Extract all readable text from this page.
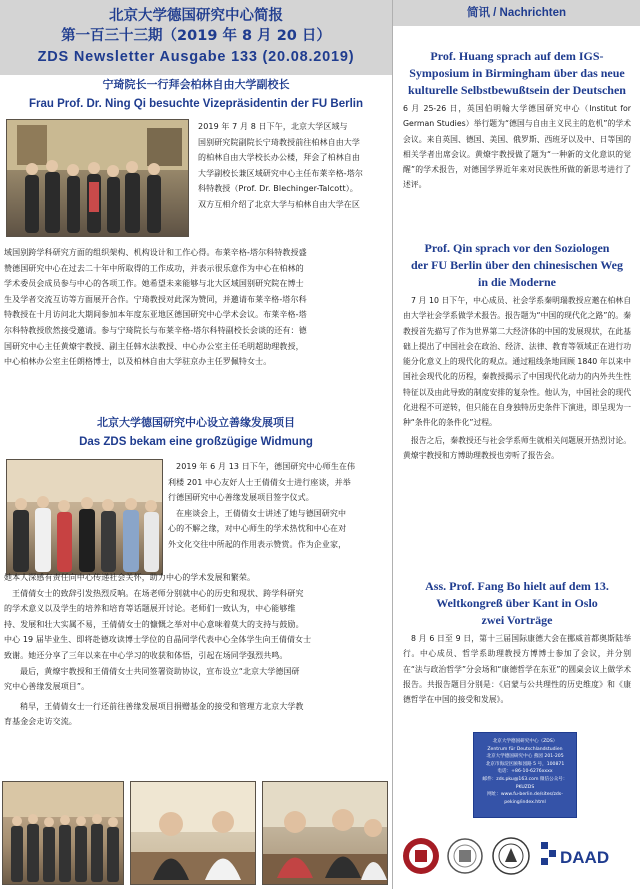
北京大学德国研究中心简报
第一百三十三期（2019 年 8 月 20 日）
ZDS Newsletter Ausgabe 133 (20.08.2019)
宁琦院长一行拜会柏林自由大学副校长
Frau Prof. Dr. Ning Qi besuchte Vizepräsidentin der FU Berlin
2019 年 7 月 8 日下午，北京大学区域与
国别研究院副院长宁琦教授前往柏林自由大学
的柏林自由大学校长办公楼，拜会了柏林自由
大学副校长兼区域研究中心主任布莱辛格-塔尔
科特教授（Prof. Dr. Blechinger-Talcott）。
双方互相介绍了北京大学与柏林自由大学在区
域国别跨学科研究方面的组织架构、机构设计和工作心得。布莱辛格-塔尔科特教授盛
赞德国研究中心在过去二十年中所取得的工作成功，并表示很乐意作为中心在柏林的
学术委员会成员参与中心的各项工作。她希望未来能够与北大区域国别研究院在博士
生及学者交流互访等方面展开合作。宁琦教授对此深为赞同，并邀请布莱辛格-塔尔科
特教授在十月访问北大期间参加本年度东亚地区德国研究中心学术会议。布莱辛格-塔
尔科特教授欣然接受邀请。参与宁琦院长与布莱辛格-塔尔科特副校长会谈的还有：德
国研究中心主任黄燎宇教授、副主任韩水法教授、中心办公室主任毛明超助理教授，
中心柏林办公室主任朗格博士，以及柏林自由大学驻京办主任罗佩特女士。
北京大学德国研究中心设立善缘发展项目
Das ZDS bekam eine großzügige Widmung
2019 年 6 月 13 日下午，德国研究中心师生在伟
利楼 201 中心友好人士王倩倩女士进行座谈，并举
行德国研究中心善缘发展项目签字仪式。
在座谈会上，王倩倩女士讲述了她与德国研究中
心的不解之缘，对中心师生的学术热忱和中心在对
外文化交往中所起的作用表示赞赏。作为企业家，
她本人深感有责任向中心传递社会关怀，助力中心的学术发展和繁荣。
王倩倩女士的致辞引发热烈反响。在场老师分别就中心的历史和现状、跨学科研究
的学术意义以及学生的培养和培育等话题展开讨论。老师们一致认为，中心能够维
持、发展和壮大实属不易，王倩倩女士的慷慨之举对中心意味着莫大的支持与鼓励。
中心 19 届毕业生、即将赴德攻读博士学位的自晶同学代表中心全体学生向王倩倩女士
致谢。她还分享了三年以来在中心学习的收获和体悟，引起在场同学强烈共鸣。
最后，黄燎宇教授和王倩倩女士共同签署资助协议，宣布设立“北京大学德国研
究中心善缘发展项目”。
稍早，王倩倩女士一行还前往善缘发展项目捐赠基金的接受和管理方北京大学教
育基金会走访交流。
简讯 / Nachrichten
Prof. Huang sprach auf dem IGS-
Symposium in Birmingham über das neue
kulturelle Selbstbewußtsein der Deutschen
6 月 25-26 日，英国伯明翰大学德国研究中心（Institut for German Studies）举行题为“德国与自由主义民主的危机”的学术会议。来自英国、德国、美国、俄罗斯、西班牙以及中、日等国的相关学者出席会议。黄燎宇教授做了题为“一种新的文化意识的觉醒”的学术报告，对德国学界近年来对民族性所做的新思考进行了述评。
Prof. Qin sprach vor den Soziologen
der FU Berlin über den chinesischen Weg
in die Moderne
7 月 10 日下午，中心成员、社会学系秦明瑞教授应邀在柏林自由大学社会学系做学术报告。报告题为“中国的现代化之路”的。秦教授首先描写了作为世界第二大经济体的中国的发展现状，在此基础上提出了中国社会在政治、经济、法律、教育等领域正在进行功能分化意义上的现代化的观点。通过粗线条地回顾 1840 年以来中国社会现代化的历程，秦教授揭示了中国现代化动力的内外共生性特征以及由此导致的制度安排的复杂性。他认为，中国社会的现代化进程不可逆转，但只能在自身独特历史条件下演进，即呈现为一种“条件化的条件化”过程。
报告之后，秦教授还与社会学系师生就相关问题展开热烈讨论。黄燎宇教授和方博助理教授也旁听了报告会。
Ass. Prof. Fang Bo hielt auf dem 13.
Weltkongreß über Kant in Oslo
zwei Vorträge
8 月 6 日至 9 日，第十三届国际康德大会在挪威首都奥斯陆举行。中心成员、哲学系助理教授方博博士参加了会议，并分别在“法与政治哲学”分会场和“康德哲学在东亚”的圆桌会议上做学术报告。共报告题目分别是：《启蒙与公共理性的历史维度》和《康德哲学在中国的接受和发展》。
北京大学德国研究中心（ZDS）
Zentrum für Deutschlandstudien
北京大学德国研究中心 燕园 201-205
北京市海淀区颐和园路 5 号，100871
电话：+86-10-6276xxxx
邮件：zds.pku@163.com 微信公众号：PKUZDS
网址：www.fu-berlin.de/sites/zds-peking/index.html
DAAD
